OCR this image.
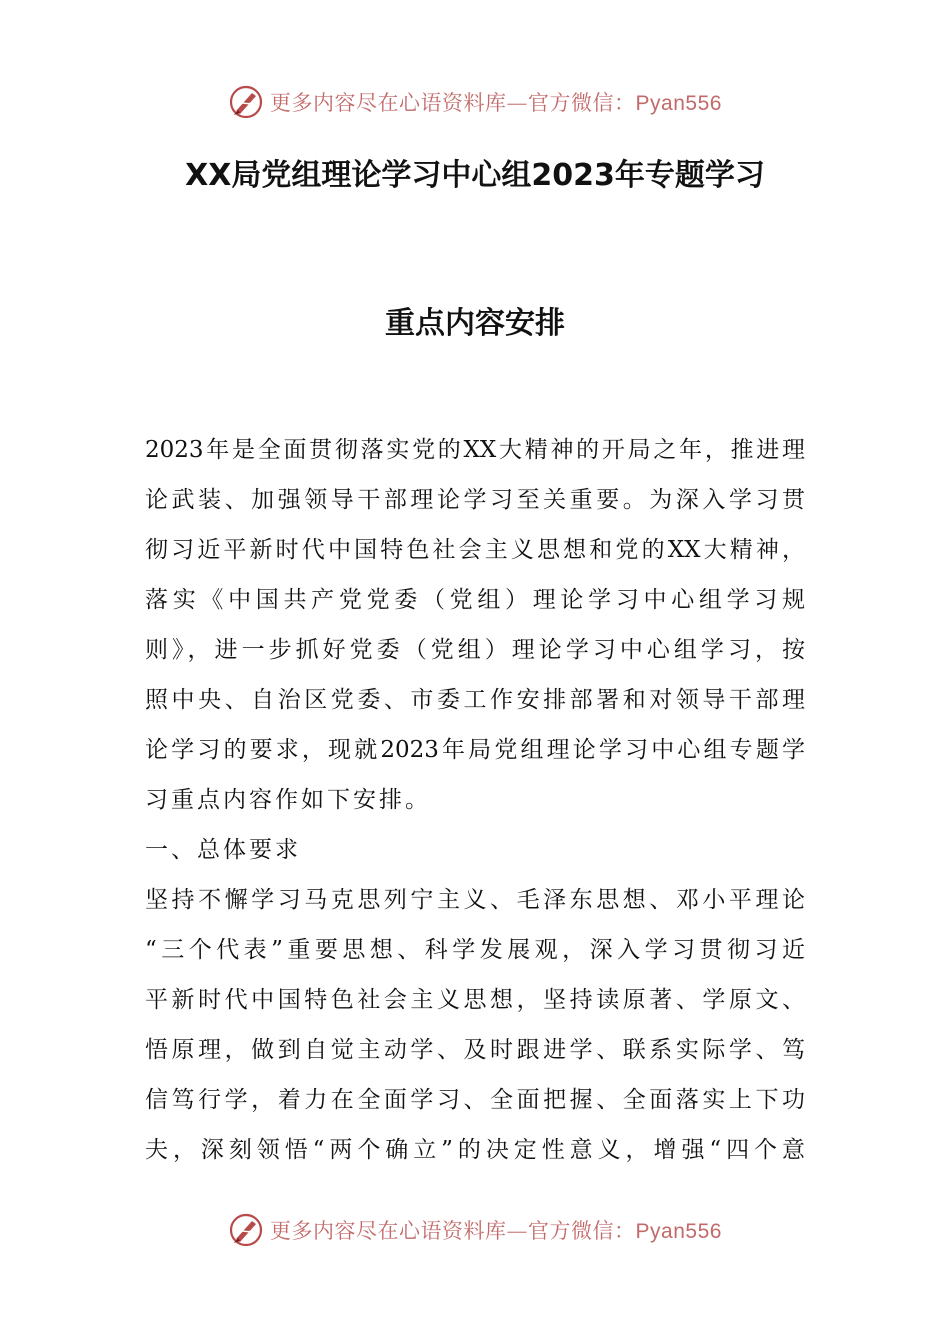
更多内容尽在心语资料库—官方微信：Pyan556
XX局党组理论学习中心组2023年专题学习
重点内容安排
2023年是全面贯彻落实党的XX大精神的开局之年，推进理
论武装、加强领导干部理论学习至关重要。为深入学习贯
彻习近平新时代中国特色社会主义思想和党的XX大精神，
落实《中国共产党党委（党组）理论学习中心组学习规
则》，进一步抓好党委（党组）理论学习中心组学习，按
照中央、自治区党委、市委工作安排部署和对领导干部理
论学习的要求，现就2023年局党组理论学习中心组专题学
习重点内容作如下安排。
一、总体要求
坚持不懈学习马克思列宁主义、毛泽东思想、邓小平理论
“三个代表”重要思想、科学发展观，深入学习贯彻习近
平新时代中国特色社会主义思想，坚持读原著、学原文、
悟原理，做到自觉主动学、及时跟进学、联系实际学、笃
信笃行学，着力在全面学习、全面把握、全面落实上下功
夫，深刻领悟“两个确立”的决定性意义，增强“四个意
更多内容尽在心语资料库—官方微信：Pyan556
